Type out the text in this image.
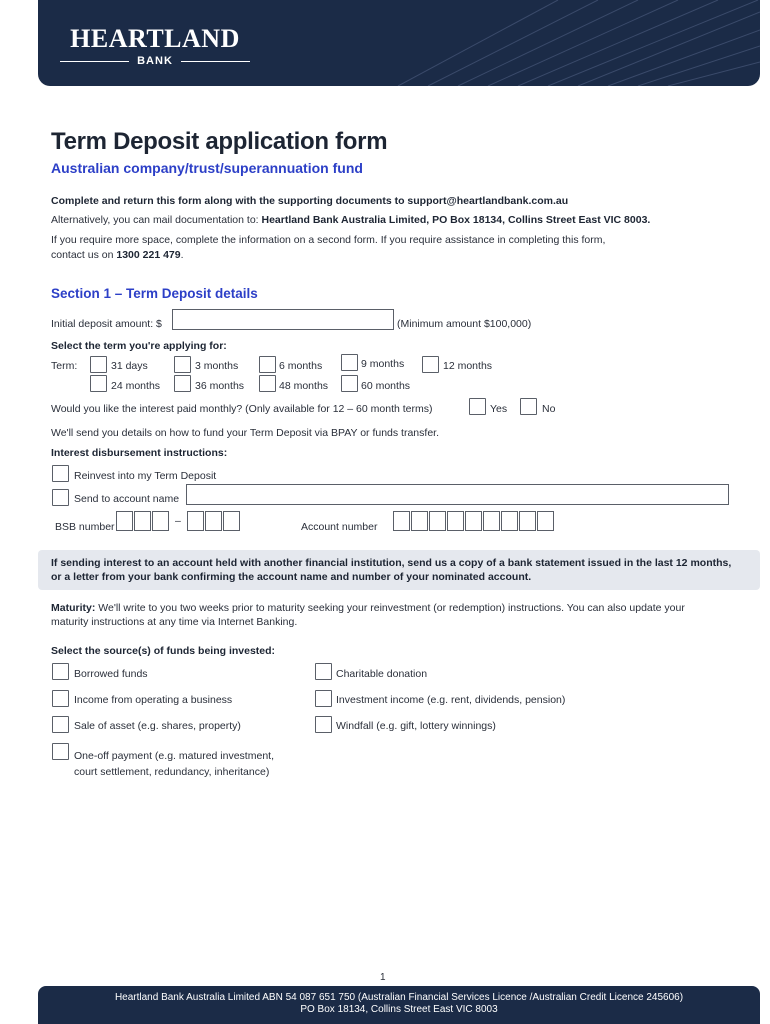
HEARTLAND
BANK
Term Deposit application form
Australian company/trust/superannuation fund
Complete and return this form along with the supporting documents to support@heartlandbank.com.au
Alternatively, you can mail documentation to: Heartland Bank Australia Limited, PO Box 18134, Collins Street East VIC 8003.
If you require more space, complete the information on a second form. If you require assistance in completing this form,
contact us on 1300 221 479.
Section 1 – Term Deposit details
Initial deposit amount: $	(Minimum amount $100,000)
Select the term you're applying for:
Term:	31 days	3 months	6 months	9 months	12 months
24 months	36 months	48 months	60 months
Would you like the interest paid monthly? (Only available for 12 – 60 month terms)	Yes	No
We'll send you details on how to fund your Term Deposit via BPAY or funds transfer.
Interest disbursement instructions:
Reinvest into my Term Deposit
Send to account name
BSB number	–	Account number

If sending interest to an account held with another financial institution, send us a copy of a bank statement issued in the last 12 months,
or a letter from your bank confirming the account name and number of your nominated account.

Maturity: We'll write to you two weeks prior to maturity seeking your reinvestment (or redemption) instructions. You can also update your
maturity instructions at any time via Internet Banking.
Select the source(s) of funds being invested:
Borrowed funds	Charitable donation
Income from operating a business	Investment income (e.g. rent, dividends, pension)
Sale of asset (e.g. shares, property)	Windfall (e.g. gift, lottery winnings)
One-off payment (e.g. matured investment,
court settlement, redundancy, inheritance)
1
Heartland Bank Australia Limited ABN 54 087 651 750 (Australian Financial Services Licence /Australian Credit Licence 245606)
PO Box 18134, Collins Street East VIC 8003
